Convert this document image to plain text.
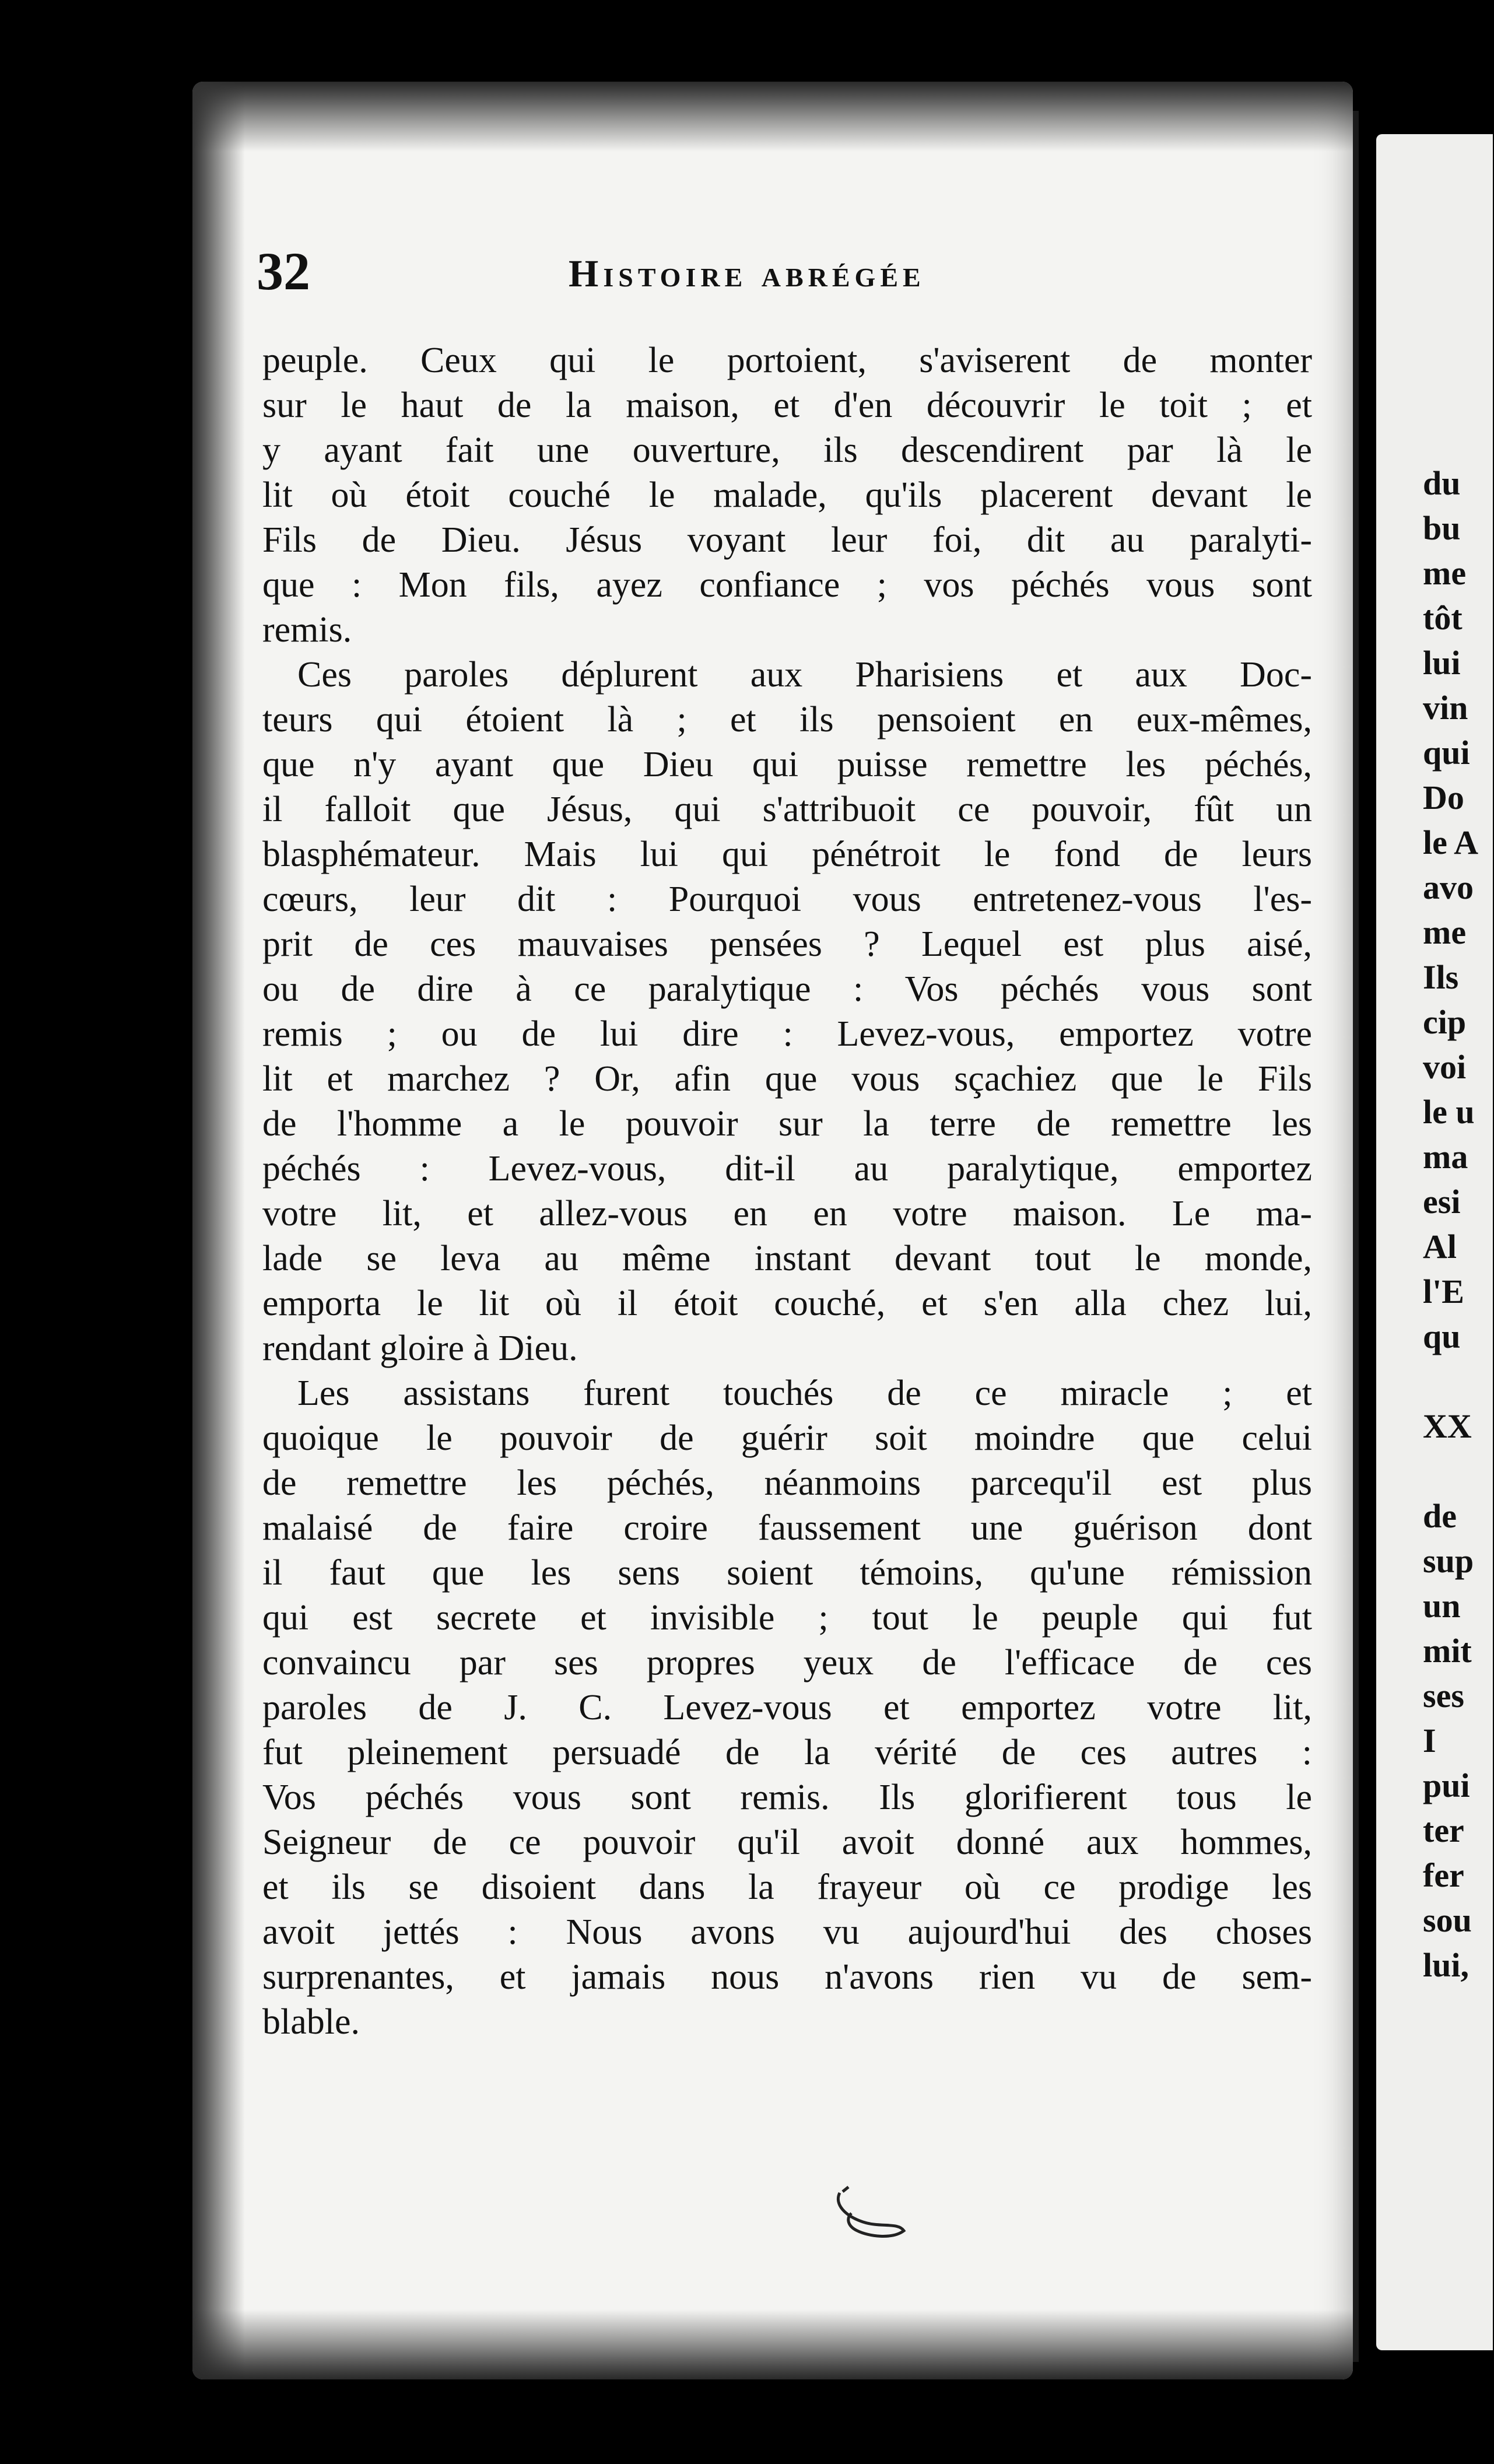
du
bu
me
tôt
lui
vin
qui
Do
le A
avo
me
Ils
cip
voi
le u
ma
esi
Al
l'E
qu
XX
de
sup
un
mit
ses
I
pui
ter
fer
sou
lui,
32	Histoire abrégée
peuple. Ceux qui le portoient, s'aviserent de monter
sur le haut de la maison, et d'en découvrir le toit ; et
y ayant fait une ouverture, ils descendirent par là le
lit où étoit couché le malade, qu'ils placerent devant le
Fils de Dieu. Jésus voyant leur foi, dit au paralyti-
que : Mon fils, ayez confiance ; vos péchés vous sont
remis.
Ces paroles déplurent aux Pharisiens et aux Doc-
teurs qui étoient là ; et ils pensoient en eux-mêmes,
que n'y ayant que Dieu qui puisse remettre les péchés,
il falloit que Jésus, qui s'attribuoit ce pouvoir, fût un
blasphémateur. Mais lui qui pénétroit le fond de leurs
cœurs, leur dit : Pourquoi vous entretenez-vous l'es-
prit de ces mauvaises pensées ? Lequel est plus aisé,
ou de dire à ce paralytique : Vos péchés vous sont
remis ; ou de lui dire : Levez-vous, emportez votre
lit et marchez ? Or, afin que vous sçachiez que le Fils
de l'homme a le pouvoir sur la terre de remettre les
péchés : Levez-vous, dit-il au paralytique, emportez
votre lit, et allez-vous en en votre maison. Le ma-
lade se leva au même instant devant tout le monde,
emporta le lit où il étoit couché, et s'en alla chez lui,
rendant gloire à Dieu.
Les assistans furent touchés de ce miracle ; et
quoique le pouvoir de guérir soit moindre que celui
de remettre les péchés, néanmoins parcequ'il est plus
malaisé de faire croire faussement une guérison dont
il faut que les sens soient témoins, qu'une rémission
qui est secrete et invisible ; tout le peuple qui fut
convaincu par ses propres yeux de l'efficace de ces
paroles de J. C. Levez-vous et emportez votre lit,
fut pleinement persuadé de la vérité de ces autres :
Vos péchés vous sont remis. Ils glorifierent tous le
Seigneur de ce pouvoir qu'il avoit donné aux hommes,
et ils se disoient dans la frayeur où ce prodige les
avoit jettés : Nous avons vu aujourd'hui des choses
surprenantes, et jamais nous n'avons rien vu de sem-
blable.
